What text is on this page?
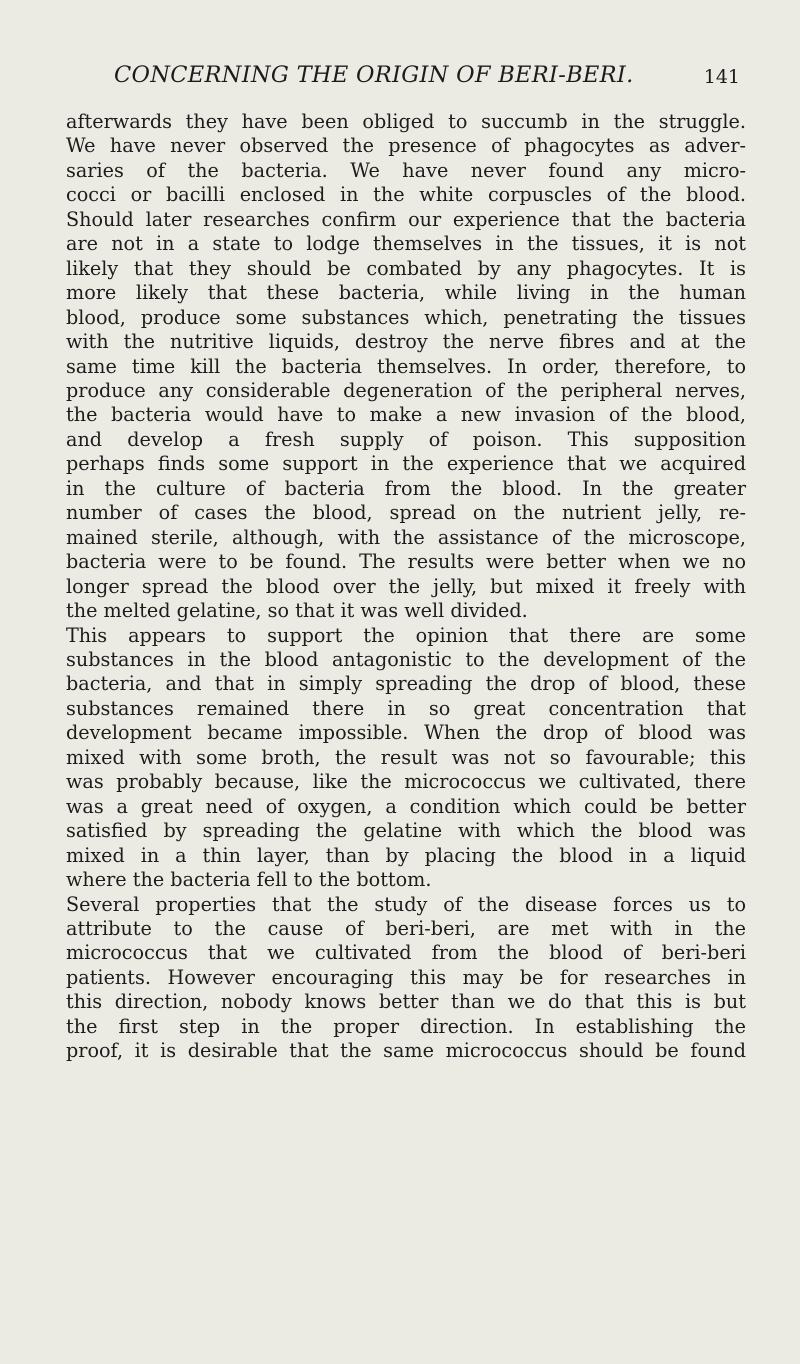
CONCERNING THE ORIGIN OF BERI-BERI.	141
afterwards they have been obliged to succumb in the struggle.
We have never observed the presence of phagocytes as adver-
saries of the bacteria. We have never found any micro-
cocci or bacilli enclosed in the white corpuscles of the blood.
Should later researches confirm our experience that the bacteria
are not in a state to lodge themselves in the tissues, it is not
likely that they should be combated by any phagocytes. It is
more likely that these bacteria, while living in the human
blood, produce some substances which, penetrating the tissues
with the nutritive liquids, destroy the nerve fibres and at the
same time kill the bacteria themselves. In order, therefore, to
produce any considerable degeneration of the peripheral nerves,
the bacteria would have to make a new invasion of the blood,
and develop a fresh supply of poison. This supposition
perhaps finds some support in the experience that we acquired
in the culture of bacteria from the blood. In the greater
number of cases the blood, spread on the nutrient jelly, re-
mained sterile, although, with the assistance of the microscope,
bacteria were to be found. The results were better when we no
longer spread the blood over the jelly, but mixed it freely with
the melted gelatine, so that it was well divided.
This appears to support the opinion that there are some
substances in the blood antagonistic to the development of the
bacteria, and that in simply spreading the drop of blood, these
substances remained there in so great concentration that
development became impossible. When the drop of blood was
mixed with some broth, the result was not so favourable; this
was probably because, like the micrococcus we cultivated, there
was a great need of oxygen, a condition which could be better
satisfied by spreading the gelatine with which the blood was
mixed in a thin layer, than by placing the blood in a liquid
where the bacteria fell to the bottom.
Several properties that the study of the disease forces us to
attribute to the cause of beri-beri, are met with in the
micrococcus that we cultivated from the blood of beri-beri
patients. However encouraging this may be for researches in
this direction, nobody knows better than we do that this is but
the first step in the proper direction. In establishing the
proof, it is desirable that the same micrococcus should be found
